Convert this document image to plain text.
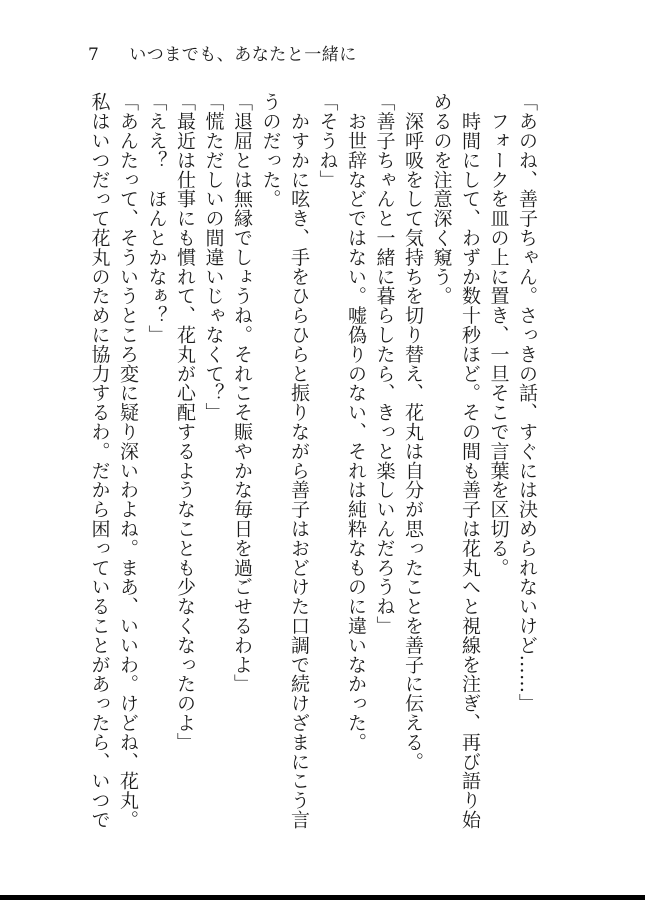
7 いつまでも、あなたと一緒に
「あのね、善子ちゃん。さっきの話、すぐには決められないけど……」
　フォークを皿の上に置き、一旦そこで言葉を区切る。
　時間にして、わずか数十秒ほど。その間も善子は花丸へと視線を注ぎ、再び語り始
めるのを注意深く窺う。
　深呼吸をして気持ちを切り替え、花丸は自分が思ったことを善子に伝える。
「善子ちゃんと一緒に暮らしたら、きっと楽しいんだろうね」
　お世辞などではない。嘘偽りのない、それは純粋なものに違いなかった。
「そうね」
　かすかに呟き、手をひらひらと振りながら善子はおどけた口調で続けざまにこう言
うのだった。
「退屈とは無縁でしょうね。それこそ賑やかな毎日を過ごせるわよ」
「慌ただしいの間違いじゃなくて？」
「最近は仕事にも慣れて、花丸が心配するようなことも少なくなったのよ」
「ええ？　ほんとかなぁ？」
「あんたって、そういうところ変に疑り深いわよね。まあ、いいわ。けどね、花丸。
私はいつだって花丸のために協力するわ。だから困っていることがあったら、いつで
